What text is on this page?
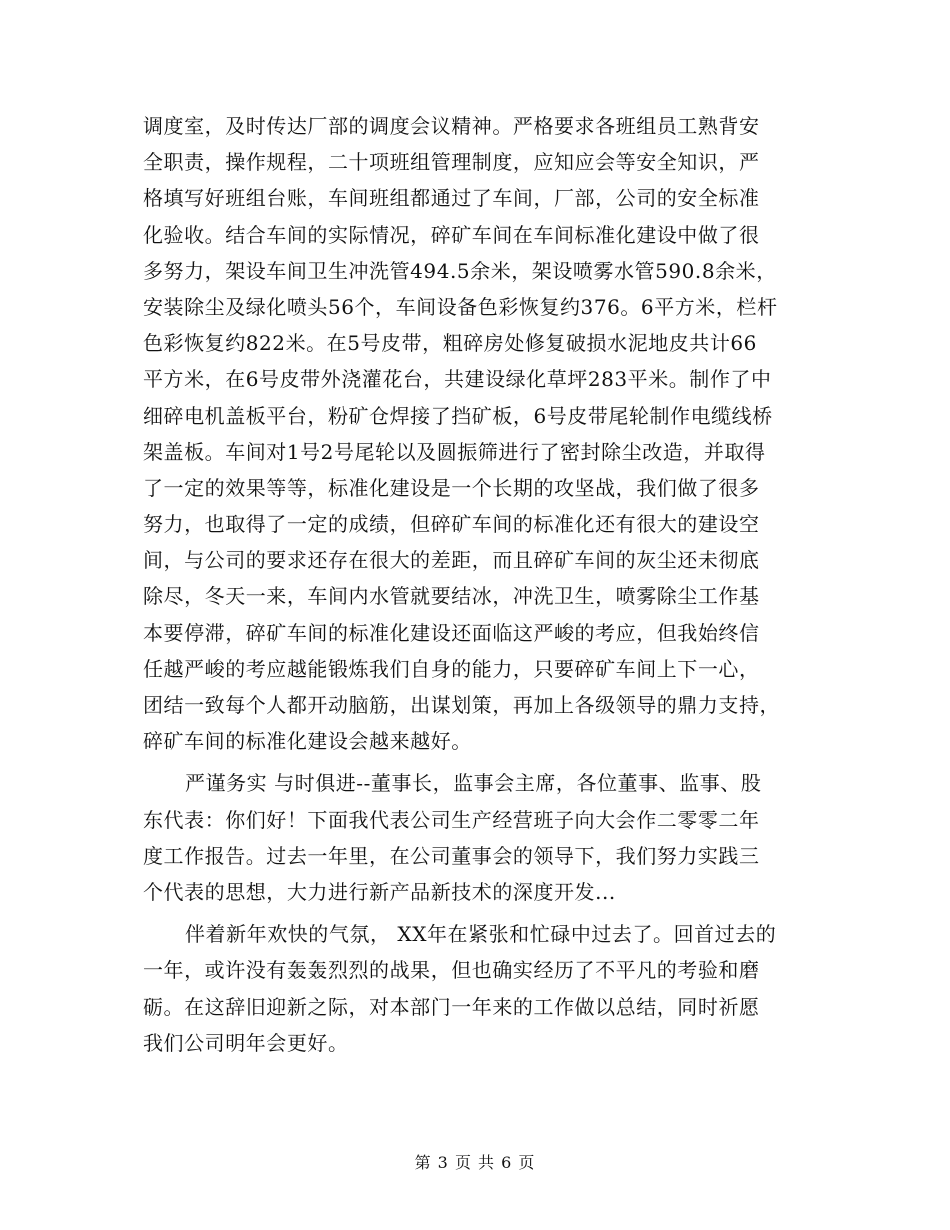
调度室，及时传达厂部的调度会议精神。严格要求各班组员工熟背安
全职责，操作规程，二十项班组管理制度，应知应会等安全知识，严
格填写好班组台账，车间班组都通过了车间，厂部，公司的安全标准
化验收。结合车间的实际情况，碎矿车间在车间标准化建设中做了很
多努力，架设车间卫生冲洗管494.5余米，架设喷雾水管590.8余米，
安装除尘及绿化喷头56个，车间设备色彩恢复约376。6平方米，栏杆
色彩恢复约822米。在5号皮带，粗碎房处修复破损水泥地皮共计66
平方米，在6号皮带外浇灌花台，共建设绿化草坪283平米。制作了中
细碎电机盖板平台，粉矿仓焊接了挡矿板，6号皮带尾轮制作电缆线桥
架盖板。车间对1号2号尾轮以及圆振筛进行了密封除尘改造，并取得
了一定的效果等等，标准化建设是一个长期的攻坚战，我们做了很多
努力，也取得了一定的成绩，但碎矿车间的标准化还有很大的建设空
间，与公司的要求还存在很大的差距，而且碎矿车间的灰尘还未彻底
除尽，冬天一来，车间内水管就要结冰，冲洗卫生，喷雾除尘工作基
本要停滞，碎矿车间的标准化建设还面临这严峻的考应，但我始终信
任越严峻的考应越能锻炼我们自身的能力，只要碎矿车间上下一心，
团结一致每个人都开动脑筋，出谋划策，再加上各级领导的鼎力支持，
碎矿车间的标准化建设会越来越好。
严谨务实 与时俱进--董事长，监事会主席，各位董事、监事、股
东代表：你们好！下面我代表公司生产经营班子向大会作二零零二年
度工作报告。过去一年里，在公司董事会的领导下，我们努力实践三
个代表的思想，大力进行新产品新技术的深度开发...
伴着新年欢快的气氛， XX年在紧张和忙碌中过去了。回首过去的
一年，或许没有轰轰烈烈的战果，但也确实经历了不平凡的考验和磨
砺。在这辞旧迎新之际，对本部门一年来的工作做以总结，同时祈愿
我们公司明年会更好。
第 3 页 共 6 页
